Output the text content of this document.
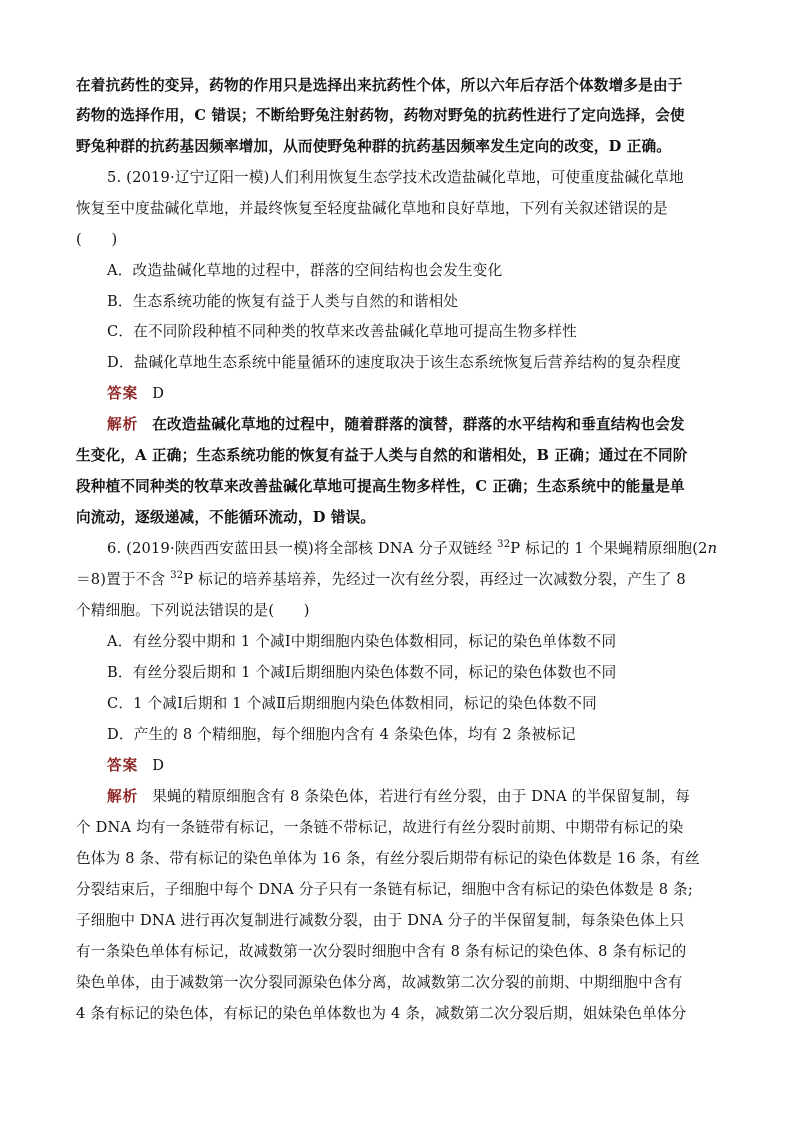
在着抗药性的变异，药物的作用只是选择出来抗药性个体，所以六年后存活个体数增多是由于
药物的选择作用，C 错误；不断给野兔注射药物，药物对野兔的抗药性进行了定向选择，会使
野兔种群的抗药基因频率增加，从而使野兔种群的抗药基因频率发生定向的改变，D 正确。
5. (2019·辽宁辽阳一模)人们利用恢复生态学技术改造盐碱化草地，可使重度盐碱化草地
恢复至中度盐碱化草地，并最终恢复至轻度盐碱化草地和良好草地，下列有关叙述错误的是
(　　)
A．改造盐碱化草地的过程中，群落的空间结构也会发生变化
B．生态系统功能的恢复有益于人类与自然的和谐相处
C．在不同阶段种植不同种类的牧草来改善盐碱化草地可提高生物多样性
D．盐碱化草地生态系统中能量循环的速度取决于该生态系统恢复后营养结构的复杂程度
答案 D
解析 在改造盐碱化草地的过程中，随着群落的演替，群落的水平结构和垂直结构也会发
生变化，A 正确；生态系统功能的恢复有益于人类与自然的和谐相处，B 正确；通过在不同阶
段种植不同种类的牧草来改善盐碱化草地可提高生物多样性，C 正确；生态系统中的能量是单
向流动，逐级递减，不能循环流动，D 错误。
6. (2019·陕西西安蓝田县一模)将全部核 DNA 分子双链经 $^{32}$P 标记的 1 个果蝇精原细胞(2n
＝8)置于不含 $^{32}$P 标记的培养基培养，先经过一次有丝分裂，再经过一次减数分裂，产生了 8
个精细胞。下列说法错误的是(　　)
A．有丝分裂中期和 1 个减Ⅰ中期细胞内染色体数相同，标记的染色单体数不同
B．有丝分裂后期和 1 个减Ⅰ后期细胞内染色体数不同，标记的染色体数也不同
C．1 个减Ⅰ后期和 1 个减Ⅱ后期细胞内染色体数相同，标记的染色体数不同
D．产生的 8 个精细胞，每个细胞内含有 4 条染色体，均有 2 条被标记
答案 D
解析 果蝇的精原细胞含有 8 条染色体，若进行有丝分裂，由于 DNA 的半保留复制，每
个 DNA 均有一条链带有标记，一条链不带标记，故进行有丝分裂时前期、中期带有标记的染
色体为 8 条、带有标记的染色单体为 16 条，有丝分裂后期带有标记的染色体数是 16 条，有丝
分裂结束后，子细胞中每个 DNA 分子只有一条链有标记，细胞中含有标记的染色体数是 8 条;
子细胞中 DNA 进行再次复制进行减数分裂，由于 DNA 分子的半保留复制，每条染色体上只
有一条染色单体有标记，故减数第一次分裂时细胞中含有 8 条有标记的染色体、8 条有标记的
染色单体，由于减数第一次分裂同源染色体分离，故减数第二次分裂的前期、中期细胞中含有
4 条有标记的染色体，有标记的染色单体数也为 4 条，减数第二次分裂后期，姐妹染色单体分
